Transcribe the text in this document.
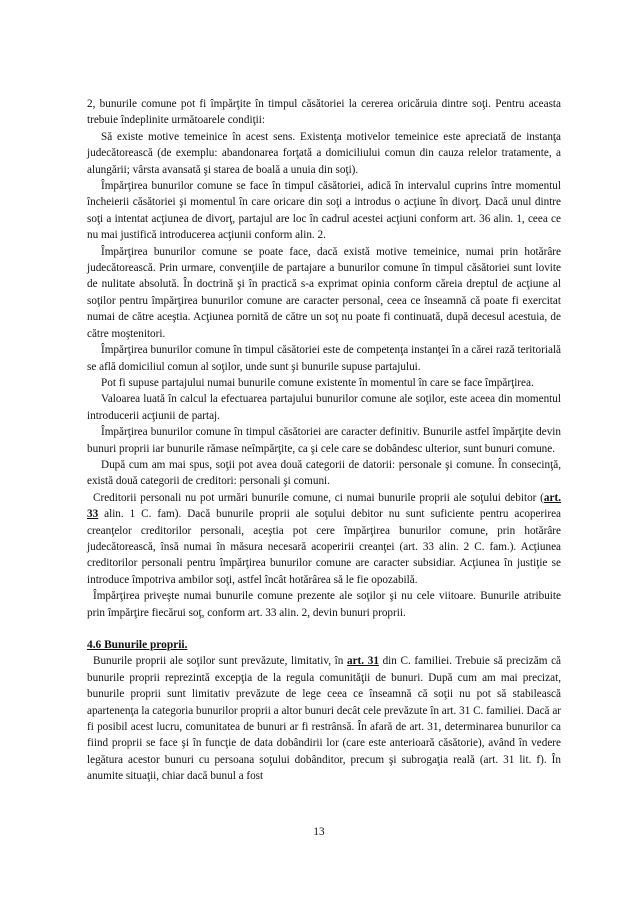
2, bunurile comune pot fi împărţite în timpul căsătoriei la cererea oricăruia dintre soţi. Pentru aceasta trebuie îndeplinite următoarele condiţii:

Să existe motive temeinice în acest sens. Existenţa motivelor temeinice este apreciată de instanţa judecătorească (de exemplu: abandonarea forţată a domiciliului comun din cauza relelor tratamente, a alungării; vârsta avansată şi starea de boală a unuia din soţi).

Împărţirea bunurilor comune se face în timpul căsătoriei, adică în intervalul cuprins între momentul încheierii căsătoriei şi momentul în care oricare din soţi a introdus o acţiune în divorţ. Dacă unul dintre soţi a intentat acţiunea de divorţ, partajul are loc în cadrul acestei acţiuni conform art. 36 alin. 1, ceea ce nu mai justifică introducerea acţiunii conform alin. 2.

Împărţirea bunurilor comune se poate face, dacă există motive temeinice, numai prin hotărâre judecătorească. Prin urmare, convenţiile de partajare a bunurilor comune în timpul căsătoriei sunt lovite de nulitate absolută. În doctrină şi în practică s-a exprimat opinia conform căreia dreptul de acţiune al soţilor pentru împărţirea bunurilor comune are caracter personal, ceea ce înseamnă că poate fi exercitat numai de către aceştia. Acţiunea pornită de către un soţ nu poate fi continuată, după decesul acestuia, de către moştenitori.

Împărţirea bunurilor comune în timpul căsătoriei este de competenţa instanţei în a cărei rază teritorială se află domiciliul comun al soţilor, unde sunt şi bunurile supuse partajului.

Pot fi supuse partajului numai bunurile comune existente în momentul în care se face împărţirea.

Valoarea luată în calcul la efectuarea partajului bunurilor comune ale soţilor, este aceea din momentul introducerii acţiunii de partaj.

Împărţirea bunurilor comune în timpul căsătoriei are caracter definitiv. Bunurile astfel împărţite devin bunuri proprii iar bunurile rămase neîmpărţite, ca şi cele care se dobândesc ulterior, sunt bunuri comune.

După cum am mai spus, soţii pot avea două categorii de datorii: personale şi comune. În consecinţă, există două categorii de creditori: personali şi comuni.

Creditorii personali nu pot urmări bunurile comune, ci numai bunurile proprii ale soţului debitor (art. 33 alin. 1 C. fam). Dacă bunurile proprii ale soţului debitor nu sunt suficiente pentru acoperirea creanţelor creditorilor personali, aceştia pot cere împărţirea bunurilor comune, prin hotărâre judecătorească, însă numai în măsura necesară acoperirii creanţei (art. 33 alin. 2 C. fam.). Acţiunea creditorilor personali pentru împărţirea bunurilor comune are caracter subsidiar. Acţiunea în justiţie se introduce împotriva ambilor soţi, astfel încât hotărârea să le fie opozabilă.

Împărţirea priveşte numai bunurile comune prezente ale soţilor şi nu cele viitoare. Bunurile atribuite prin împărţire fiecărui soţ, conform art. 33 alin. 2, devin bunuri proprii.

4.6 Bunurile proprii.

Bunurile proprii ale soţilor sunt prevăzute, limitativ, în art. 31 din C. familiei. Trebuie să precizăm că bunurile proprii reprezintă excepţia de la regula comunităţii de bunuri. După cum am mai precizat, bunurile proprii sunt limitativ prevăzute de lege ceea ce înseamnă că soţii nu pot să stabilească apartenenţa la categoria bunurilor proprii a altor bunuri decât cele prevăzute în art. 31 C. familiei. Dacă ar fi posibil acest lucru, comunitatea de bunuri ar fi restrânsă. În afară de art. 31, determinarea bunurilor ca fiind proprii se face şi în funcţie de data dobândirii lor (care este anterioară căsătorie), având în vedere legătura acestor bunuri cu persoana soţului dobânditor, precum şi subrogaţia reală (art. 31 lit. f). În anumite situaţii, chiar dacă bunul a fost

13
